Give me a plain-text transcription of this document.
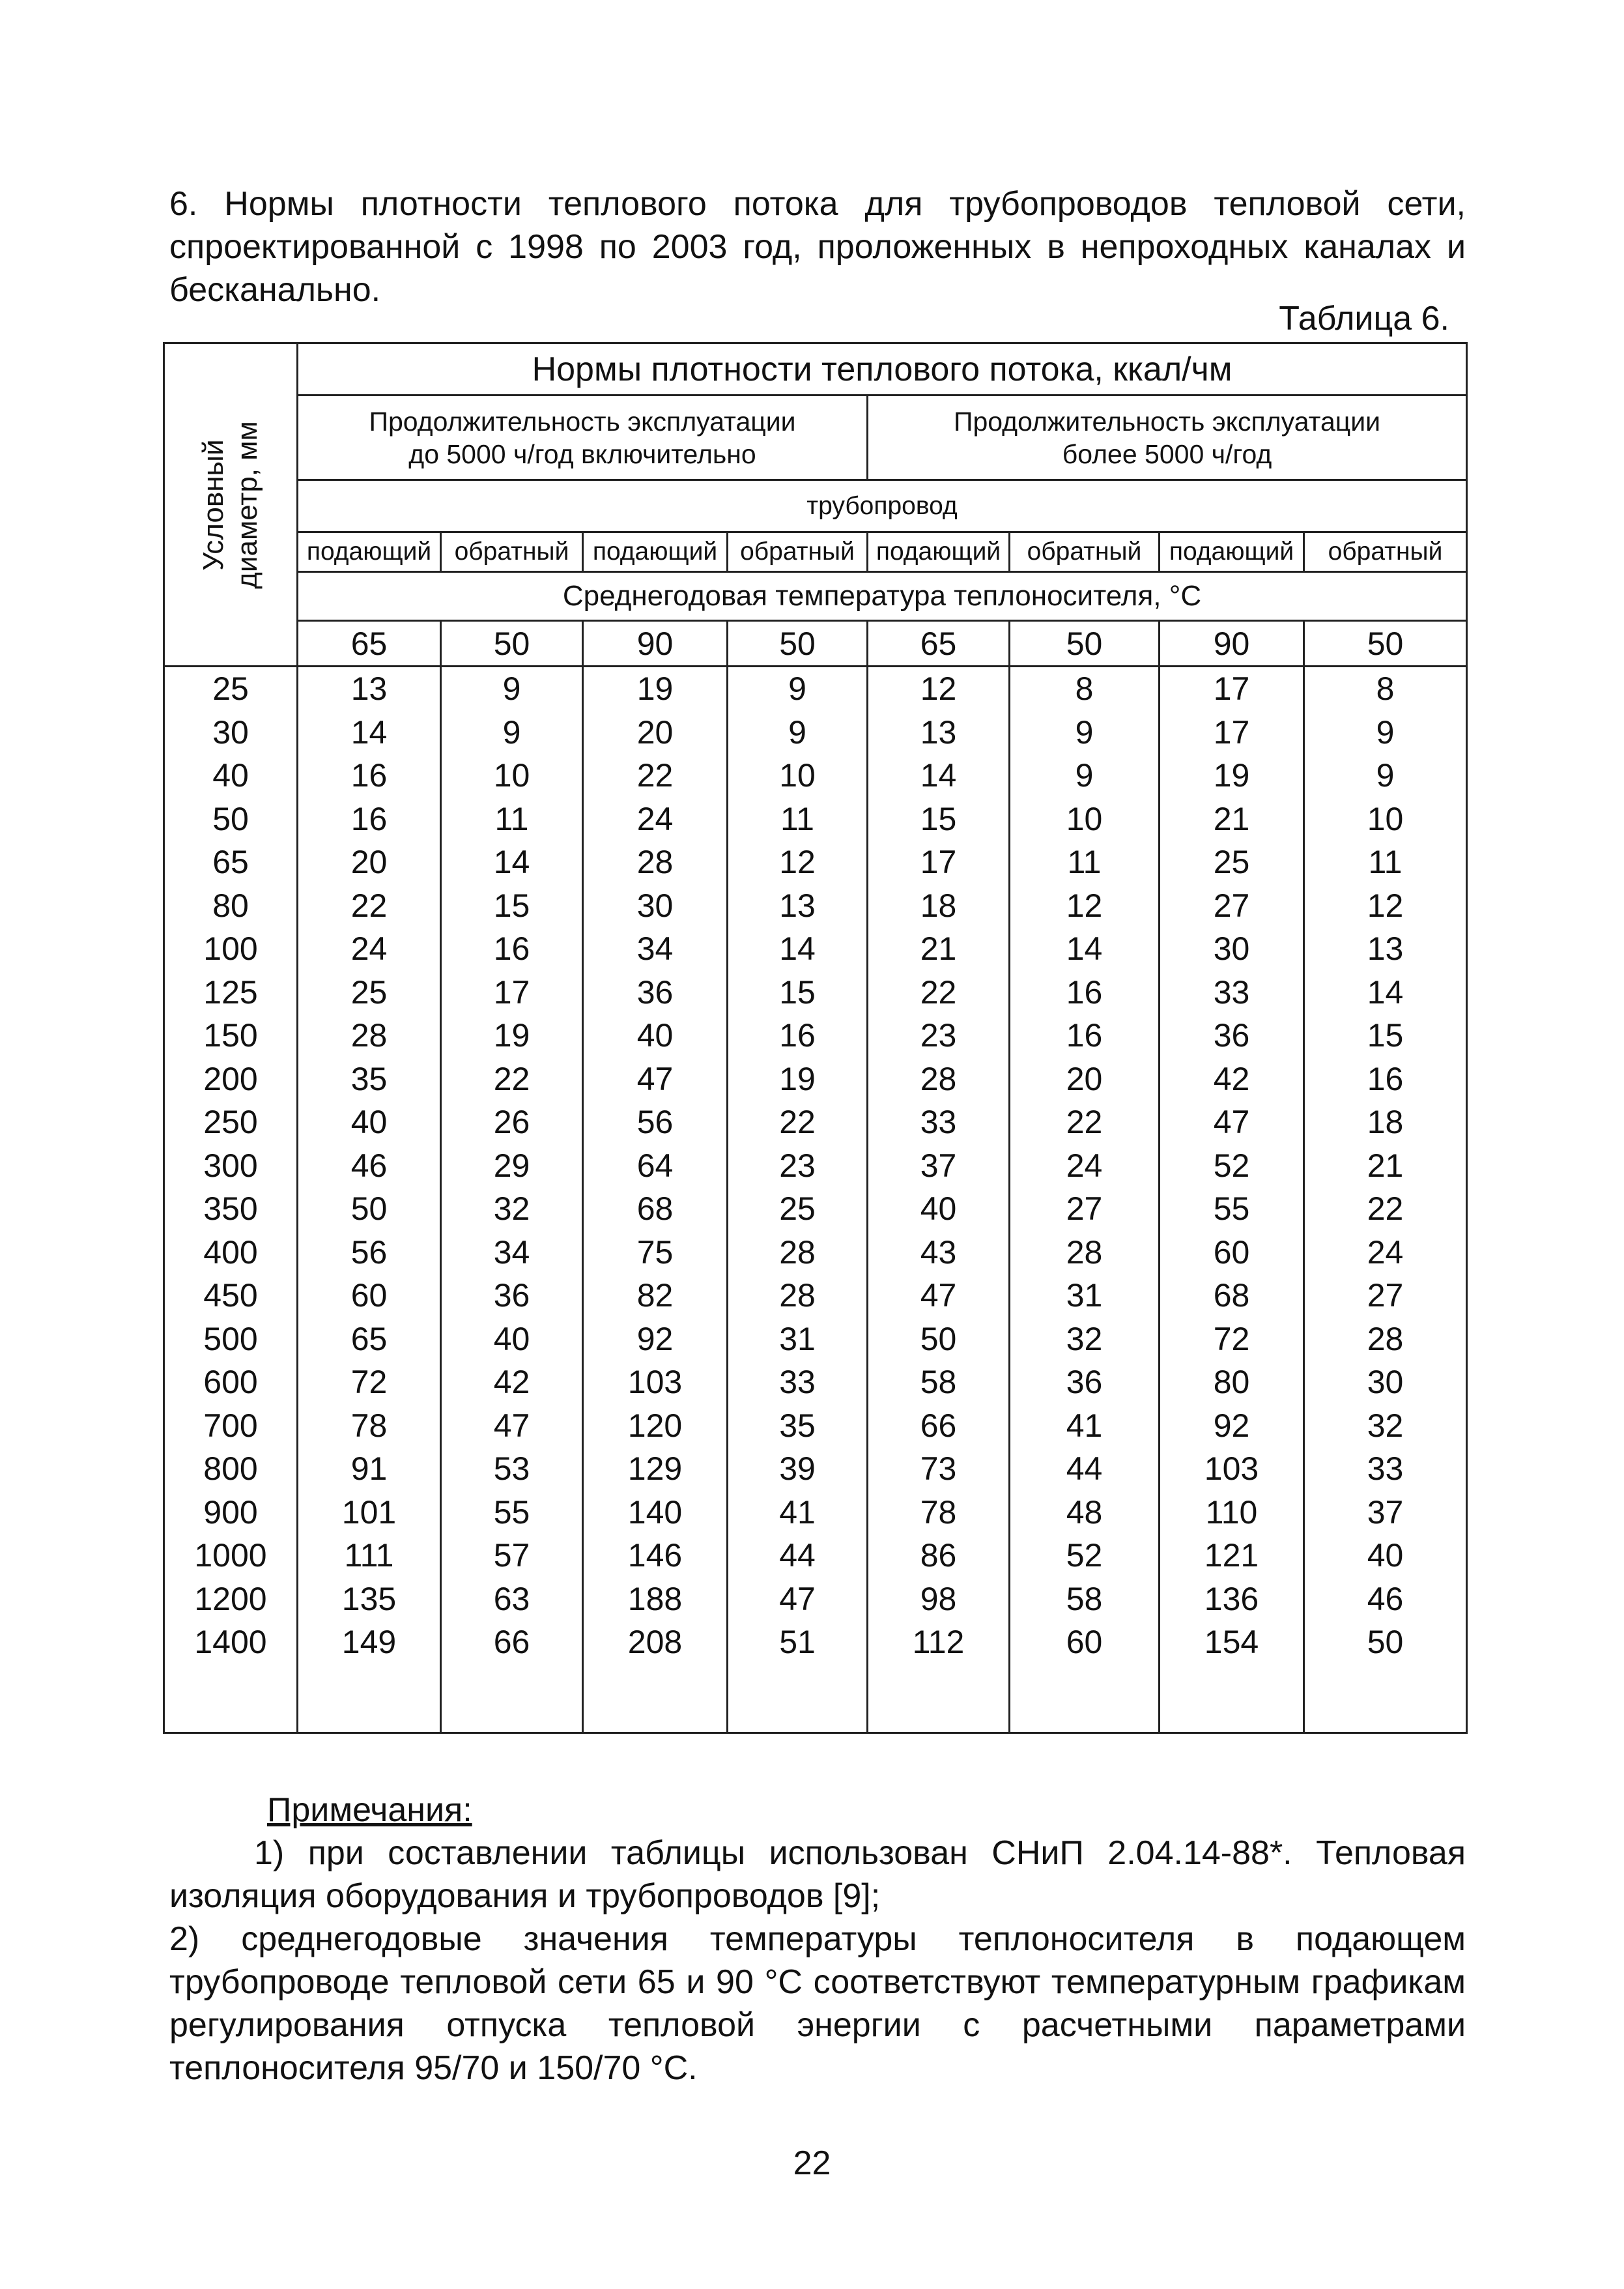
6. Нормы плотности теплового потока для трубопроводов тепловой сети, спроектированной с 1998 по 2003 год, проложенных в непроходных каналах и бесканально.
Таблица 6.
Условный диаметр, мм	Нормы плотности теплового потока, ккал/чм							
	Продолжительность эксплуатации до 5000 ч/год включительно				Продолжительность эксплуатации более 5000 ч/год			
	трубопровод							
	подающий	обратный	подающий	обратный	подающий	обратный	подающий	обратный
	Среднегодовая температура теплоносителя, °С							
	65	50	90	50	65	50	90	50
25	13	9	19	9	12	8	17	8
30	14	9	20	9	13	9	17	9
40	16	10	22	10	14	9	19	9
50	16	11	24	11	15	10	21	10
65	20	14	28	12	17	11	25	11
80	22	15	30	13	18	12	27	12
100	24	16	34	14	21	14	30	13
125	25	17	36	15	22	16	33	14
150	28	19	40	16	23	16	36	15
200	35	22	47	19	28	20	42	16
250	40	26	56	22	33	22	47	18
300	46	29	64	23	37	24	52	21
350	50	32	68	25	40	27	55	22
400	56	34	75	28	43	28	60	24
450	60	36	82	28	47	31	68	27
500	65	40	92	31	50	32	72	28
600	72	42	103	33	58	36	80	30
700	78	47	120	35	66	41	92	32
800	91	53	129	39	73	44	103	33
900	101	55	140	41	78	48	110	37
1000	111	57	146	44	86	52	121	40
1200	135	63	188	47	98	58	136	46
1400	149	66	208	51	112	60	154	50

Примечания:
1) при составлении таблицы использован СНиП 2.04.14-88*. Тепловая изоляция оборудования и трубопроводов [9];
2) среднегодовые значения температуры теплоносителя в подающем трубопроводе тепловой сети 65 и 90 °С соответствуют температурным графикам регулирования отпуска тепловой энергии с расчетными параметрами теплоносителя 95/70 и 150/70 °С.
22
